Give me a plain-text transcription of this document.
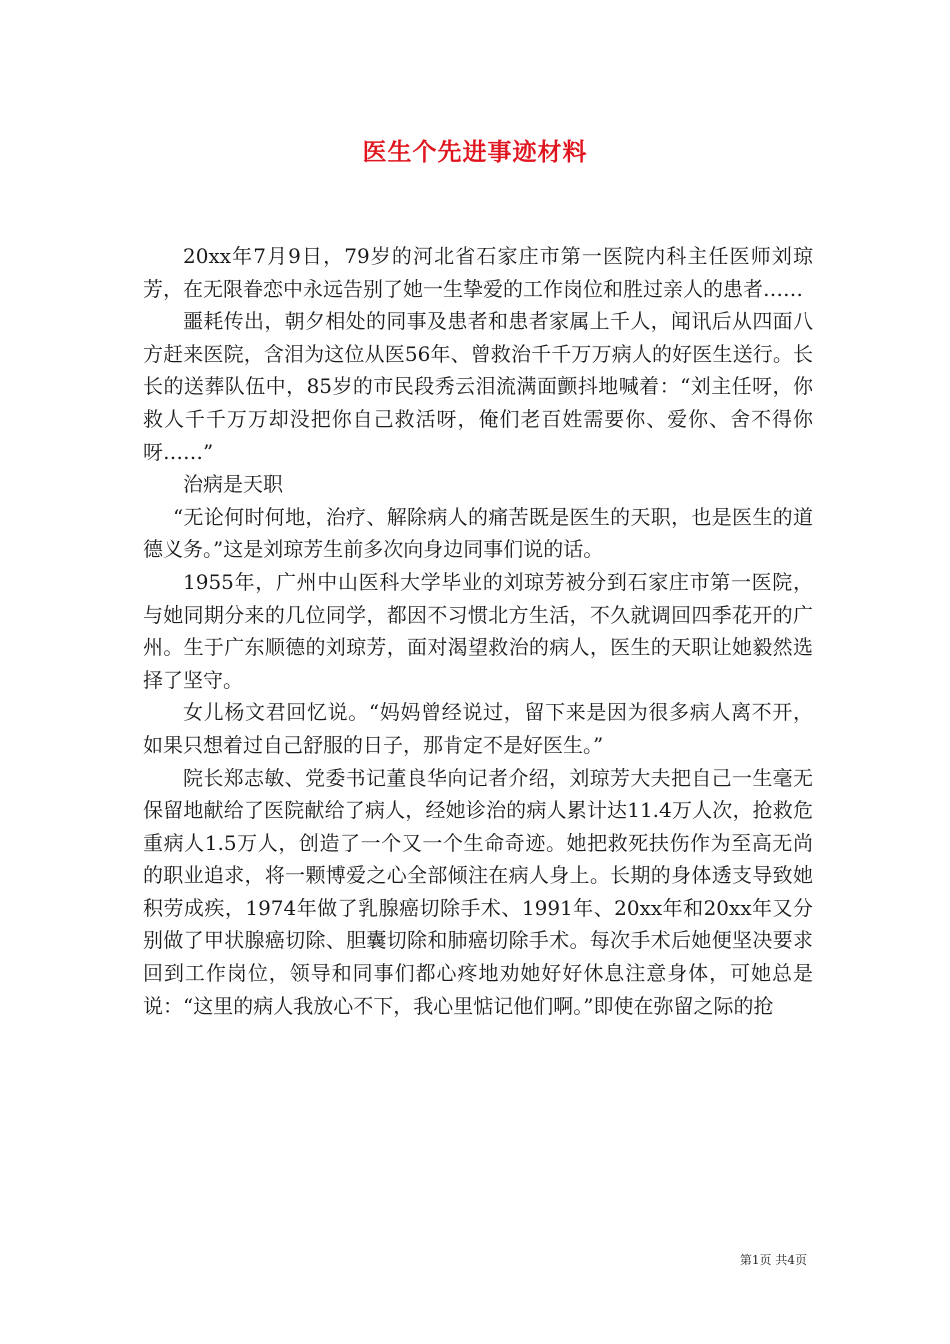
医生个先进事迹材料

20xx年7月9日，79岁的河北省石家庄市第一医院内科主任医师刘琼芳，在无限眷恋中永远告别了她一生挚爱的工作岗位和胜过亲人的患者……

噩耗传出，朝夕相处的同事及患者和患者家属上千人，闻讯后从四面八方赶来医院，含泪为这位从医56年、曾救治千千万万病人的好医生送行。长长的送葬队伍中，85岁的市民段秀云泪流满面颤抖地喊着：“刘主任呀，你救人千千万万却没把你自己救活呀，俺们老百姓需要你、爱你、舍不得你呀……”

治病是天职

“无论何时何地，治疗、解除病人的痛苦既是医生的天职，也是医生的道德义务。”这是刘琼芳生前多次向身边同事们说的话。

1955年，广州中山医科大学毕业的刘琼芳被分到石家庄市第一医院，与她同期分来的几位同学，都因不习惯北方生活，不久就调回四季花开的广州。生于广东顺德的刘琼芳，面对渴望救治的病人，医生的天职让她毅然选择了坚守。

女儿杨文君回忆说。“妈妈曾经说过，留下来是因为很多病人离不开，如果只想着过自己舒服的日子，那肯定不是好医生。”

院长郑志敏、党委书记董良华向记者介绍，刘琼芳大夫把自己一生毫无保留地献给了医院献给了病人，经她诊治的病人累计达11.4万人次，抢救危重病人1.5万人，创造了一个又一个生命奇迹。她把救死扶伤作为至高无尚的职业追求，将一颗博爱之心全部倾注在病人身上。长期的身体透支导致她积劳成疾，1974年做了乳腺癌切除手术、1991年、20xx年和20xx年又分别做了甲状腺癌切除、胆囊切除和肺癌切除手术。每次手术后她便坚决要求回到工作岗位，领导和同事们都心疼地劝她好好休息注意身体，可她总是说：“这里的病人我放心不下，我心里惦记他们啊。”即使在弥留之际的抢

第1页 共4页
